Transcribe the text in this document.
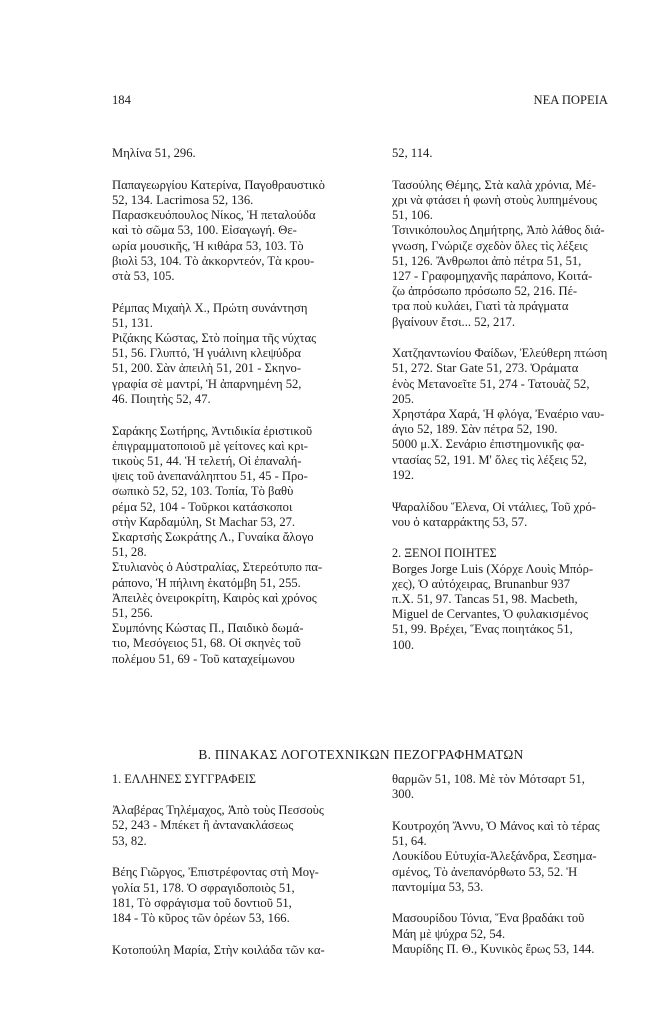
184	ΝΕΑ ΠΟΡΕΙΑ
Μηλίνα 51, 296.
Παπαγεωργίου Κατερίνα, Παγοθραυστικὸ
52, 134. Lacrimosa 52, 136.
Παρασκευόπουλος Νίκος, Ἡ πεταλούδα
καὶ τὸ σῶμα 53, 100. Εἰσαγωγή. Θε-
ωρία μουσικῆς, Ἡ κιθάρα 53, 103. Τὸ
βιολὶ 53, 104. Τὸ ἀκκορντεόν, Τὰ κρου-
στὰ 53, 105.
Ρέμπας Μιχαὴλ Χ., Πρώτη συνάντηση
51, 131.
Ριζάκης Κώστας, Στὸ ποίημα τῆς νύχτας
51, 56. Γλυπτό, Ἡ γυάλινη κλεψύδρα
51, 200. Σὰν ἀπειλὴ 51, 201 - Σκηνο-
γραφία σὲ μαντρί, Ἡ ἀπαρνημένη 52,
46. Ποιητὴς 52, 47.
Σαράκης Σωτήρης, Ἀντιδικία ἐριστικοῦ
ἐπιγραμματοποιοῦ μὲ γείτονες καὶ κρι-
τικοὺς 51, 44. Ἡ τελετή, Οἱ ἐπαναλή-
ψεις τοῦ ἀνεπανάληπτου 51, 45 - Προ-
σωπικὸ 52, 52, 103. Τοπία, Τὸ βαθὺ
ρέμα 52, 104 - Τοῦρκοι κατάσκοποι
στὴν Καρδαμύλη, St Machar 53, 27.
Σκαρτσὴς Σωκράτης Λ., Γυναίκα ἄλογο
51, 28.
Στυλιανὸς ὁ Αὐστραλίας, Στερεότυπο πα-
ράπονο, Ἡ πήλινη ἑκατόμβη 51, 255.
Ἀπειλὲς ὀνειροκρίτη, Καιρὸς καὶ χρόνος
51, 256.
Συμπόνης Κώστας Π., Παιδικὸ δωμά-
τιο, Μεσόγειος 51, 68. Οἱ σκηνὲς τοῦ
πολέμου 51, 69 - Τοῦ καταχείμωνου
52, 114.
Τασούλης Θέμης, Στὰ καλὰ χρόνια, Μέ-
χρι νὰ φτάσει ἡ φωνὴ στοὺς λυπημένους
51, 106.
Τσινικόπουλος Δημήτρης, Ἀπὸ λάθος διά-
γνωση, Γνώριζε σχεδὸν ὅλες τὶς λέξεις
51, 126. Ἄνθρωποι ἀπὸ πέτρα 51, 51,
127 - Γραφομηχανῆς παράπονο, Κοιτά-
ζω ἀπρόσωπο πρόσωπο 52, 216. Πέ-
τρα ποὺ κυλάει, Γιατὶ τὰ πράγματα
βγαίνουν ἔτσι... 52, 217.
Χατζηαντωνίου Φαίδων, Ἐλεύθερη πτώση
51, 272. Star Gate 51, 273. Ὁράματα
ἑνὸς Μετανοεῖτε 51, 274 - Τατουὰζ 52,
205.
Χρηστάρα Χαρά, Ἡ φλόγα, Ἐναέριο ναυ-
άγιο 52, 189. Σὰν πέτρα 52, 190.
5000 μ.Χ. Σενάριο ἐπιστημονικῆς φα-
ντασίας 52, 191. Μ' ὅλες τὶς λέξεις 52,
192.
Ψαραλίδου Ἕλενα, Οἱ ντάλιες, Τοῦ χρό-
νου ὁ καταρράκτης 53, 57.
2. ΞΕΝΟΙ ΠΟΙΗΤΕΣ
Borges Jorge Luis (Χόρχε Λουὶς Μπόρ-
χες), Ὁ αὐτόχειρας, Brunanbur 937
π.Χ. 51, 97. Tancas 51, 98. Macbeth,
Miguel de Cervantes, Ὁ φυλακισμένος
51, 99. Βρέχει, Ἕνας ποιητάκος 51,
100.
Β. ΠΙΝΑΚΑΣ ΛΟΓΟΤΕΧΝΙΚΩΝ ΠΕΖΟΓΡΑΦΗΜΑΤΩΝ
1. ΕΛΛΗΝΕΣ ΣΥΓΓΡΑΦΕΙΣ
Ἀλαβέρας Τηλέμαχος, Ἀπὸ τοὺς Πεσσοὺς
52, 243 - Μπέκετ ἢ ἀντανακλάσεως
53, 82.
Βέης Γιῶργος, Ἐπιστρέφοντας στὴ Μογ-
γολία 51, 178. Ὁ σφραγιδοποιὸς 51,
181, Τὸ σφράγισμα τοῦ δοντιοῦ 51,
184 - Τὸ κῦρος τῶν ὀρέων 53, 166.
Κοτοπούλη Μαρία, Στὴν κοιλάδα τῶν κα-
θαρμῶν 51, 108. Μὲ τὸν Μότσαρτ 51,
300.
Κουτροχόη Ἄννυ, Ὁ Μάνος καὶ τὸ τέρας
51, 64.
Λουκίδου Εὐτυχία-Ἀλεξάνδρα, Σεσημα-
σμένος, Τὸ ἀνεπανόρθωτο 53, 52. Ἡ
παντομίμα 53, 53.
Μασουρίδου Τόνια, Ἕνα βραδάκι τοῦ
Μάη μὲ ψύχρα 52, 54.
Μαυρίδης Π. Θ., Κυνικὸς ἔρως 53, 144.
